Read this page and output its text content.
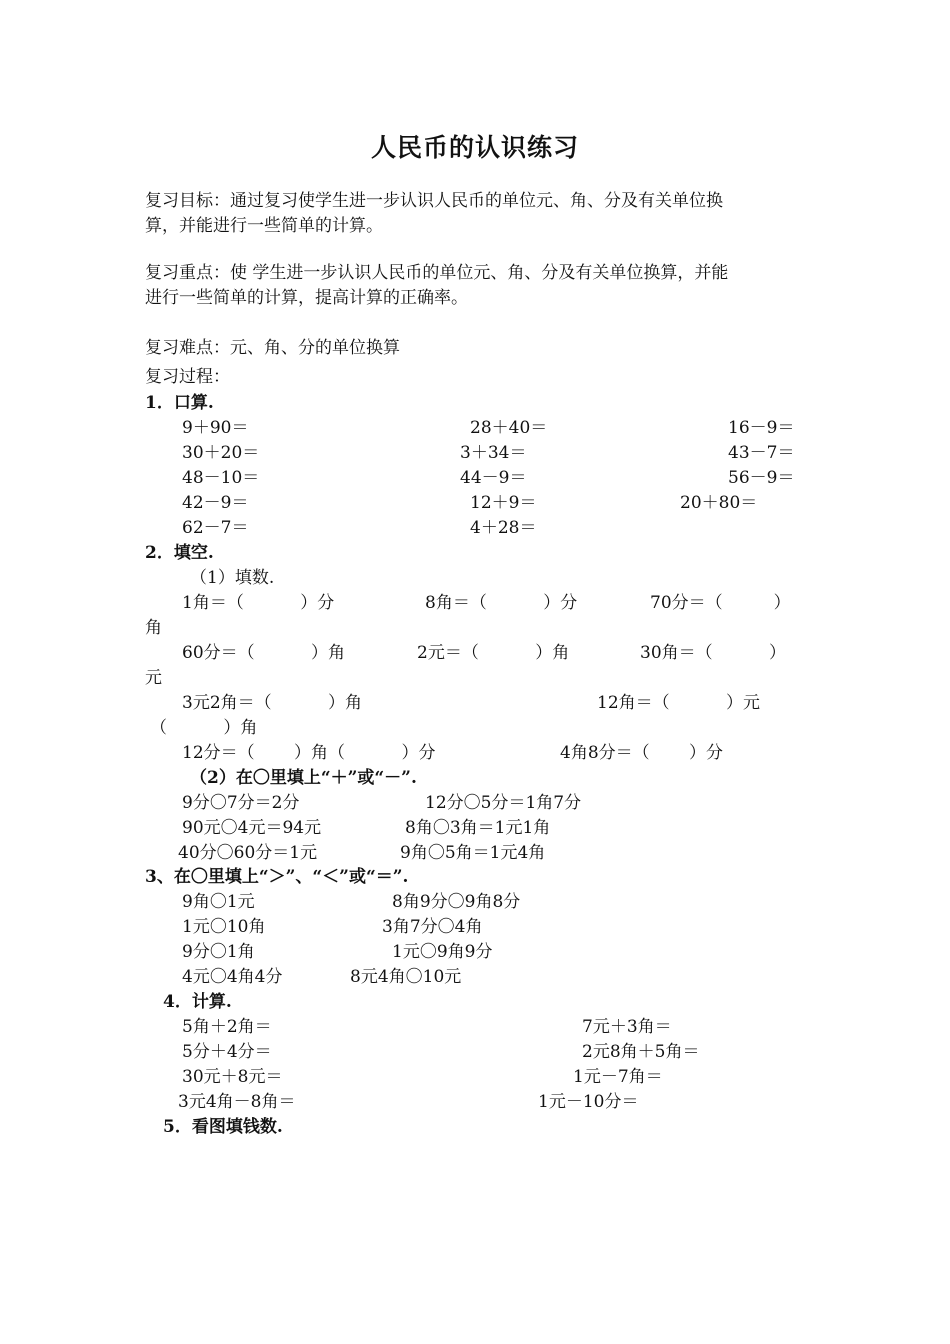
人民币的认识练习
复习目标：通过复习使学生进一步认识人民币的单位元、角、分及有关单位换
算，并能进行一些简单的计算。
复习重点：使 学生进一步认识人民币的单位元、角、分及有关单位换算，并能
进行一些简单的计算，提高计算的正确率。
复习难点：元、角、分的单位换算
复习过程：
1．口算.
9＋90＝	28＋40＝	16－9＝
30＋20＝	3＋34＝	43－7＝
48－10＝	44－9＝	56－9＝
42－9＝	12＋9＝	20＋80＝
62－7＝	4＋28＝
2．填空.
（1）填数.
1角＝（　　　 ）分	8角＝（　　　 ）分	70分＝（　　　）
角
60分＝（　　　 ）角	2元＝（　　　 ）角	30角＝（　　　 ）
元
3元2角＝（　　　 ）角	12角＝（　　　 ）元
（　　　 ）角
12分＝（　　 ）角（　　　 ）分	4角8分＝（　　 ）分
（2）在〇里填上“＋”或“－”.
9分〇7分＝2分	12分〇5分＝1角7分
90元〇4元＝94元	8角〇3角＝1元1角
40分〇60分＝1元	9角〇5角＝1元4角
3、在〇里填上“＞”、“＜”或“＝”.
9角〇1元	8角9分〇9角8分
1元〇10角	3角7分〇4角
9分〇1角	1元〇9角9分
4元〇4角4分	8元4角〇10元
4．计算.
5角＋2角＝	7元＋3角＝
5分＋4分＝	2元8角＋5角＝
30元＋8元＝	1元－7角＝
3元4角－8角＝	1元－10分＝
5．看图填钱数.
